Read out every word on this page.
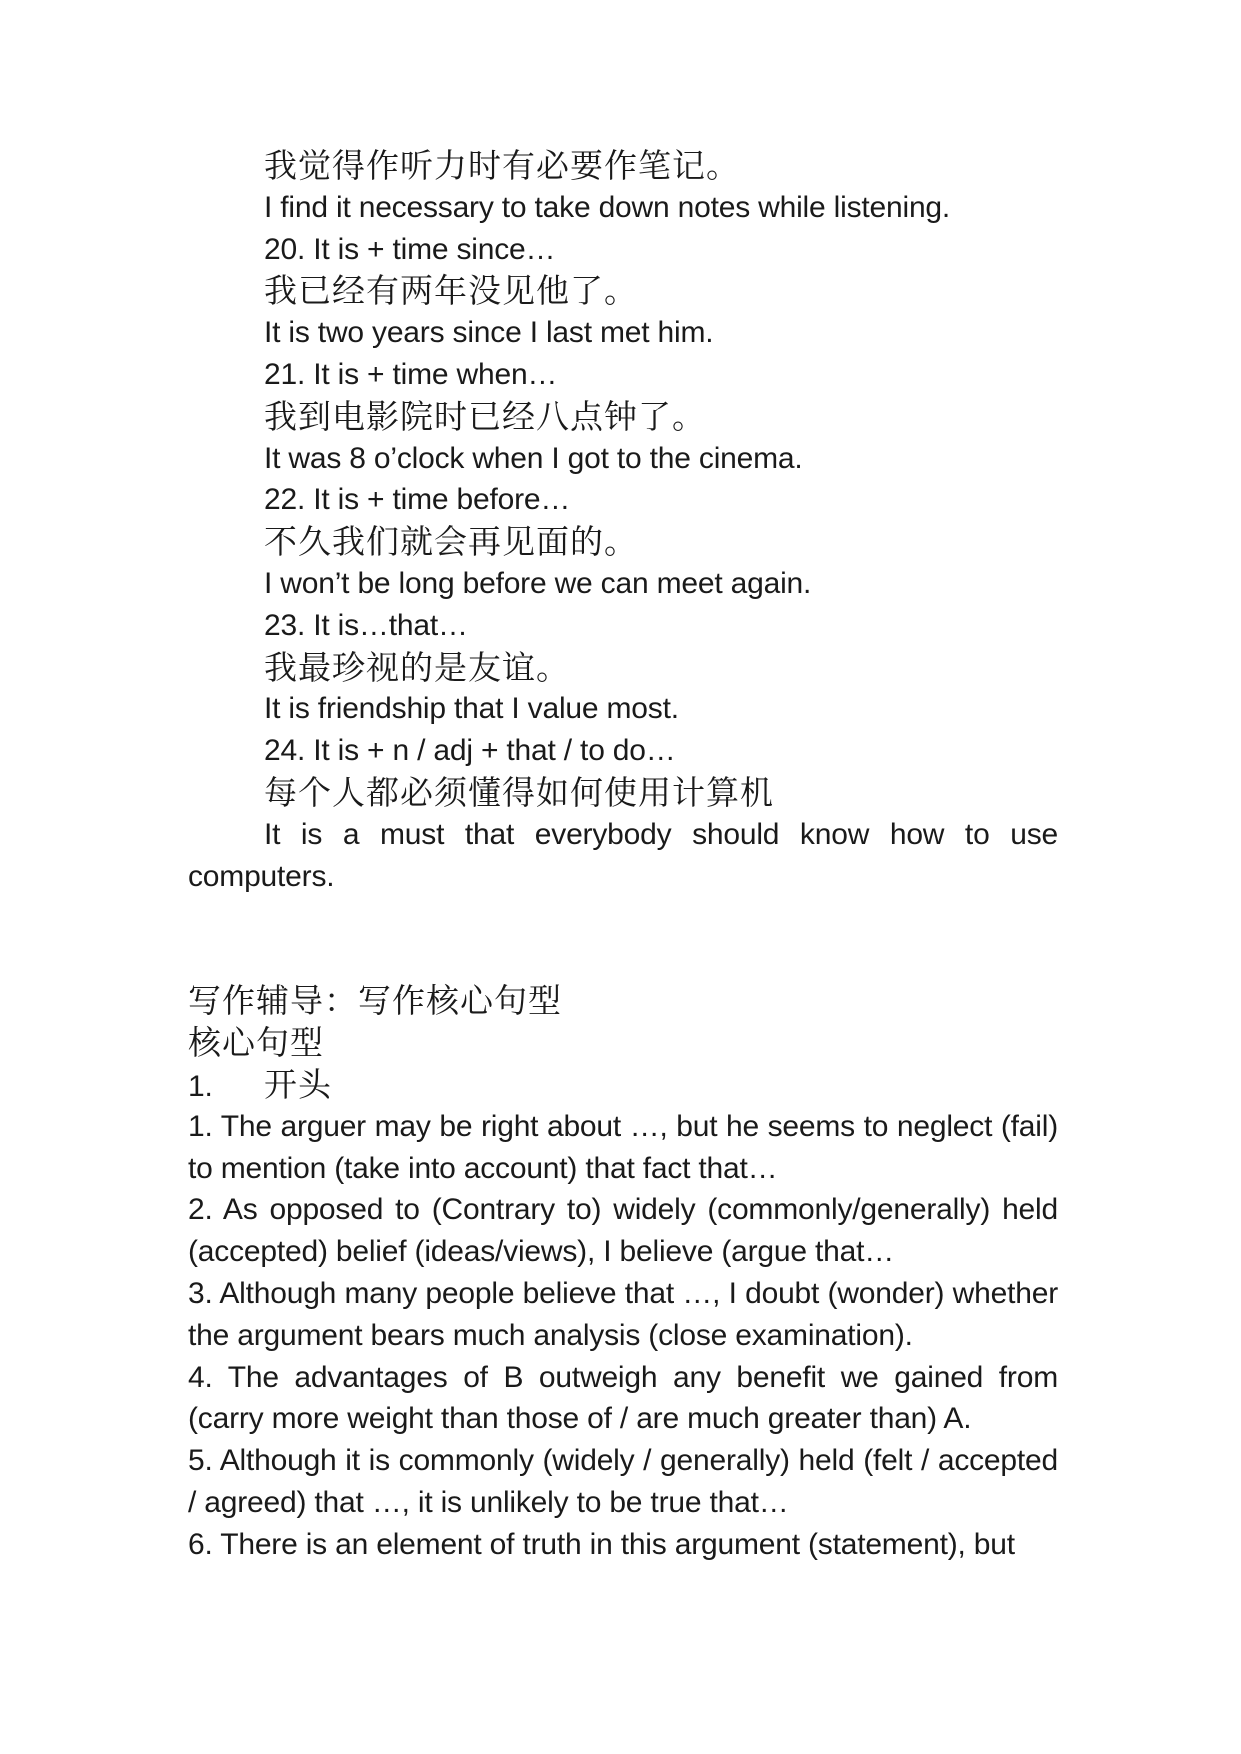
我觉得作听力时有必要作笔记。

I find it necessary to take down notes while listening.

20. It is + time since…

我已经有两年没见他了。

It is two years since I last met him.

21. It is + time when…

我到电影院时已经八点钟了。

It was 8 o’clock when I got to the cinema.

22. It is + time before…

不久我们就会再见面的。

I won’t be long before we can meet again.

23. It is…that…

我最珍视的是友谊。

It is friendship that I value most.

24. It is + n / adj + that / to do…

每个人都必须懂得如何使用计算机

It is a must that everybody should know how to use computers.

写作辅导：写作核心句型

核心句型

1. 开头

1. The arguer may be right about …, but he seems to neglect (fail) to mention (take into account) that fact that…

2. As opposed to (Contrary to) widely (commonly/generally) held (accepted) belief (ideas/views), I believe (argue that…

3. Although many people believe that …, I doubt (wonder) whether the argument bears much analysis (close examination).

4. The advantages of B outweigh any benefit we gained from (carry more weight than those of / are much greater than) A.

5. Although it is commonly (widely / generally) held (felt / accepted / agreed) that …, it is unlikely to be true that…

6. There is an element of truth in this argument (statement), but
